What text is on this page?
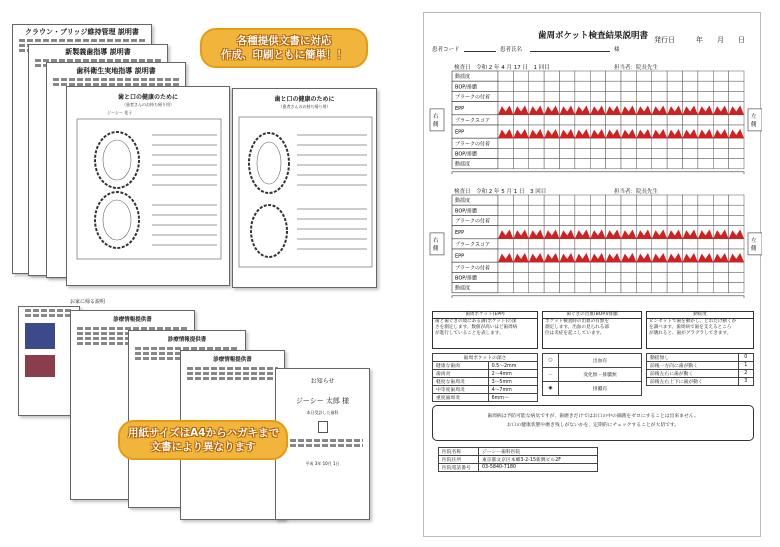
クラウン・ブリッジ維持管理 説明書
新製義歯指導 説明書
歯科衛生実地指導 説明書
歯と口の健康のために
（患者さんのお持ち帰り用）
ジーシー 花子
歯と口の健康のために
（患者さんのお持ち帰り用）
各種提供文書に対応
作成、印刷ともに簡単！！
お家に帰る説明
診療情報提供書
診療情報提供書
診療情報提供書
お知らせ
ジーシー 太郎 様
本日受診した歯科
平成 3年 10月 1日
用紙サイズはA4からハガキまで
文書により異なります
歯周ポケット検査結果説明書 発行日　　　年　　月　　日
患者コード	患者氏名	様
検査日　令和 2 年 4 月 17 日　1 回目	担当者：院長先生
動揺度
BOP/排膿
プラークの付着
EPP
プラークスコア
EPP
プラークの付着
BOP/排膿
動揺度
右
側
左
側
検査日　令和 2 年 5 月 1 日　3 回目	担当者：院長先生
動揺度
BOP/排膿
プラークの付着
EPP
プラークスコア
EPP
プラークの付着
BOP/排膿
動揺度
右
側
左
側
歯周ポケット(EPP)
歯と歯ぐきの境にある溝(ポケット)の深
さを測定します。数値が高いほど歯周病
が進行していることを表します。
歯ぐきの出血(BOP)/排膿
ポケット検査時の出血の有無を
測定します。出血の見られる部
位は炎症を起こしています。
動揺度
ピンセットで歯を動かし、どれだけ動くか
を調べます。歯周病で歯を支えるところ
が壊れると、歯がグラグラしてきます。
歯周ポケットの深さ	
健康な歯肉	0.5〜2mm
歯肉炎	2〜4mm
軽度な歯周炎	3〜5mm
中等度歯周炎	4〜7mm
重度歯周炎	6mm〜
○	出血有
－	変化無・排膿無
◉	排膿有
動揺無し	0
前後一方向に歯が動く	1
前後左右に歯が動く	2
前後左右上下に歯が動く	3
歯周病は予防可能な病気ですが、歯磨きだけではお口の中の細菌をゼロにすることは出来ません。
お口の健康状態や磨き残しがないかを、定期的にチェックすることが大切です。
医院名称	ジーシー歯科医院
医院住所	東京都文京区本郷3-2-15新興ビル2F
医院電話番号	03-5840-7180
